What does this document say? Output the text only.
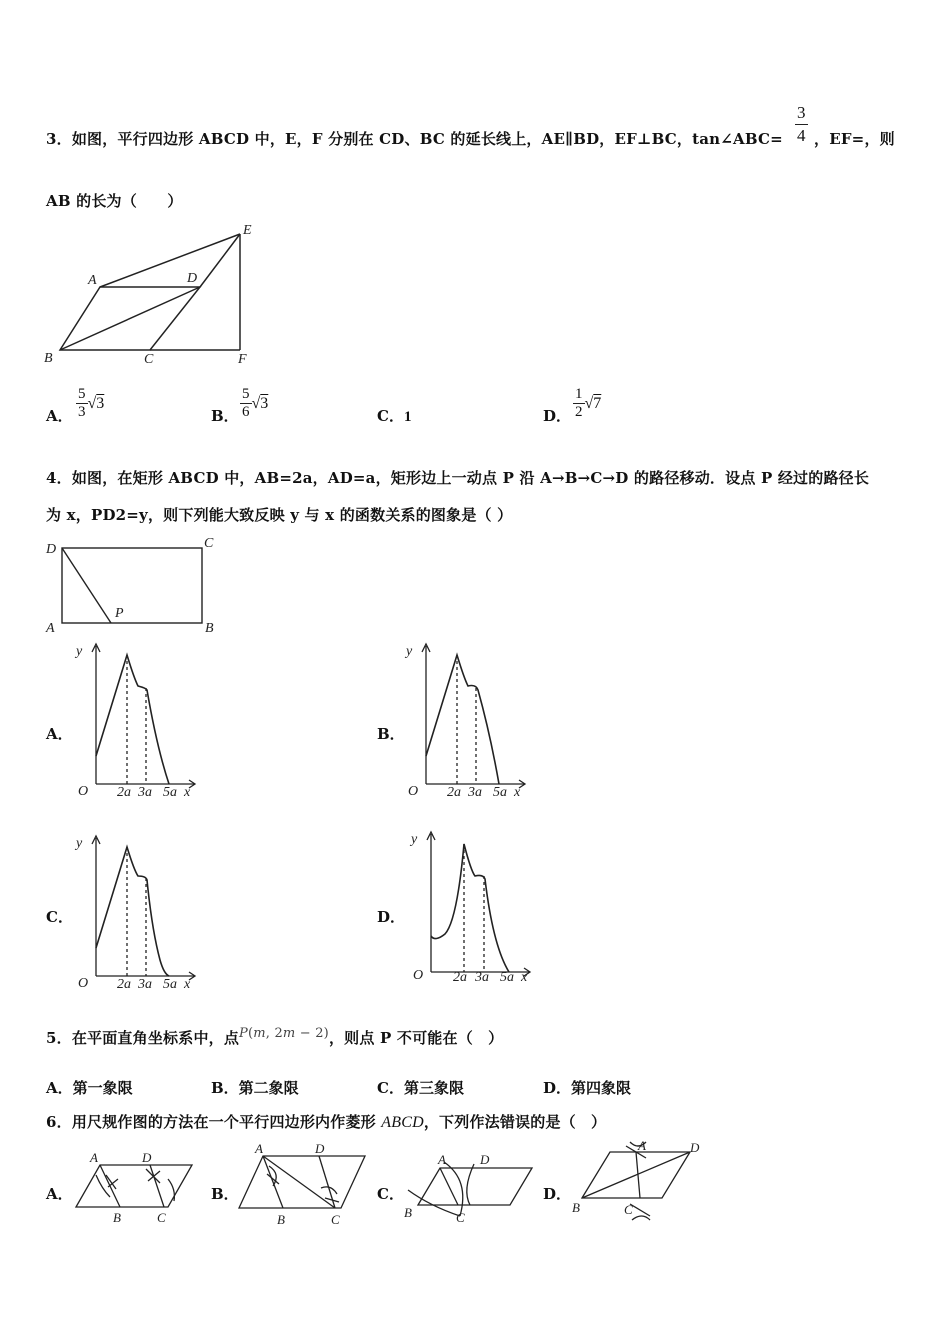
3．如图，平行四边形 ABCD 中，E，F 分别在 CD、BC 的延长线上，AE∥BD，EF⊥BC，tan∠ABC= $\frac{3}{4}$ ，EF=，则
AB 的长为（　　）
A
B	C
D
E
F
A． $\frac{5}{3} √3$
B． $\frac{5}{6} √3$
C．1	D． $\frac{1}{2} √7$
4．如图，在矩形 ABCD 中，AB=2a，AD=a，矩形边上一动点 P 沿 A→B→C→D 的路径移动．设点 P 经过的路径长
为 x，PD2=y，则下列能大致反映 y 与 x 的函数关系的图象是（ ）
D	C
A	B
P
A．	B．
C．	D．
y
O 2a 3a 5a x
y
O 2a 3a 5a x
y
O 2a 3a 5a x
y
O 2a 3a 5a x
5．在平面直角坐标系中，点𝑃(𝑚, 2𝑚 − 2)，则点 P 不可能在（　）
A．第一象限	B．第二象限	C．第三象限	D．第四象限
6．用尺规作图的方法在一个平行四边形内作菱形 ABCD，下列作法错误的是（　）
A．	B．	C．	D．
A	D
B	C
A	D
B	C
A	D
B	C
A	D
B	C
